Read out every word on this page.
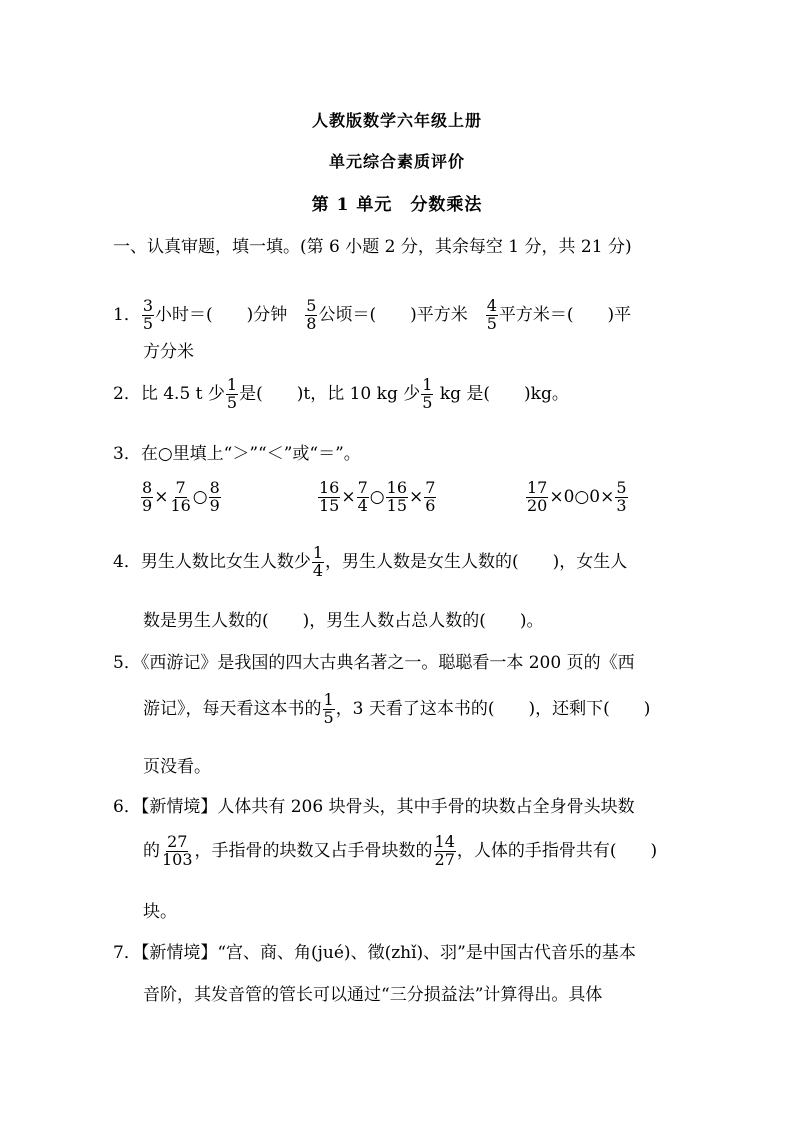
人教版数学六年级上册
单元综合素质评价
第 1 单元　分数乘法
一、认真审题，填一填。(第 6 小题 2 分，其余每空 1 分，共 21 分)
1． $\frac{3}{5}$ 小时＝(　　)分钟　 $\frac{5}{8}$ 公顷＝(　　)平方米　 $\frac{4}{5}$ 平方米＝(　　)平
方分米
2．比 4.5 t 少 $\frac{1}{5}$ 是(　　)t，比 10 kg 少 $\frac{1}{5}$ kg 是(　　)kg。
3．在○里填上“＞”“＜”或“＝”。
$\frac{8}{9} \times \frac{7}{16}$ ○ $\frac{8}{9}$	$\frac{16}{15} \times \frac{7}{4}$ ○ $\frac{16}{15} \times \frac{7}{6}$	$\frac{17}{20}$ ×0○0× $\frac{5}{3}$
4．男生人数比女生人数少 $\frac{1}{4}$ ，男生人数是女生人数的(　　)，女生人
数是男生人数的(　　)，男生人数占总人数的(　　)。
5．《西游记》是我国的四大古典名著之一。聪聪看一本 200 页的《西
游记》，每天看这本书的 $\frac{1}{5}$ ，3 天看了这本书的(　　)，还剩下(　　)
页没看。
6．【新情境】人体共有 206 块骨头，其中手骨的块数占全身骨头块数
的 $\frac{27}{103}$ ，手指骨的块数又占手骨块数的 $\frac{14}{27}$ ，人体的手指骨共有(　　)
块。
7．【新情境】“宫、商、角(jué)、徵(zhǐ)、羽”是中国古代音乐的基本
音阶，其发音管的管长可以通过“三分损益法”计算得出。具体
